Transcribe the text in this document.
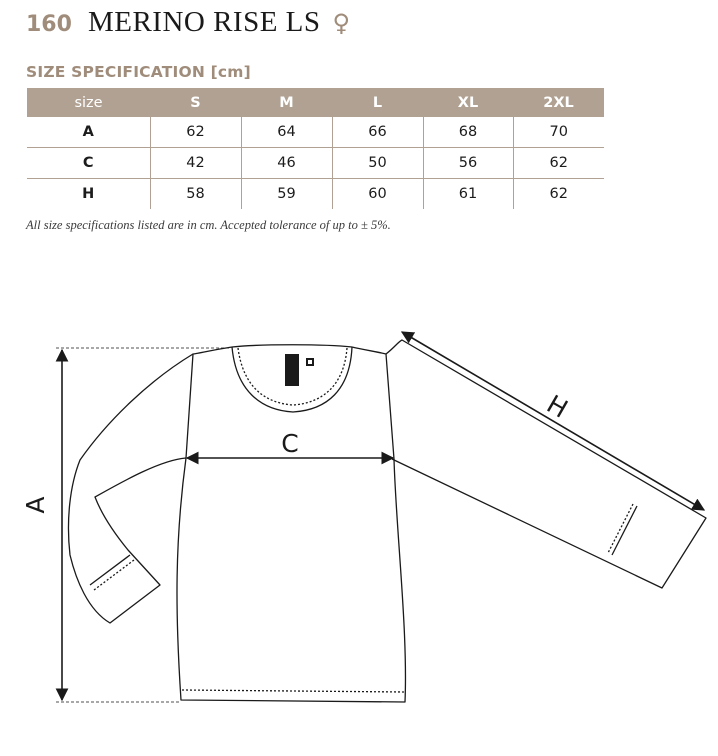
160 MERINO RISE LS ♀
SIZE SPECIFICATION [cm]
size	S	M	L	XL	2XL
A	62	64	66	68	70
C	42	46	50	56	62
H	58	59	60	61	62
All size specifications listed are in cm. Accepted tolerance of up to ± 5%.
A
C
H
